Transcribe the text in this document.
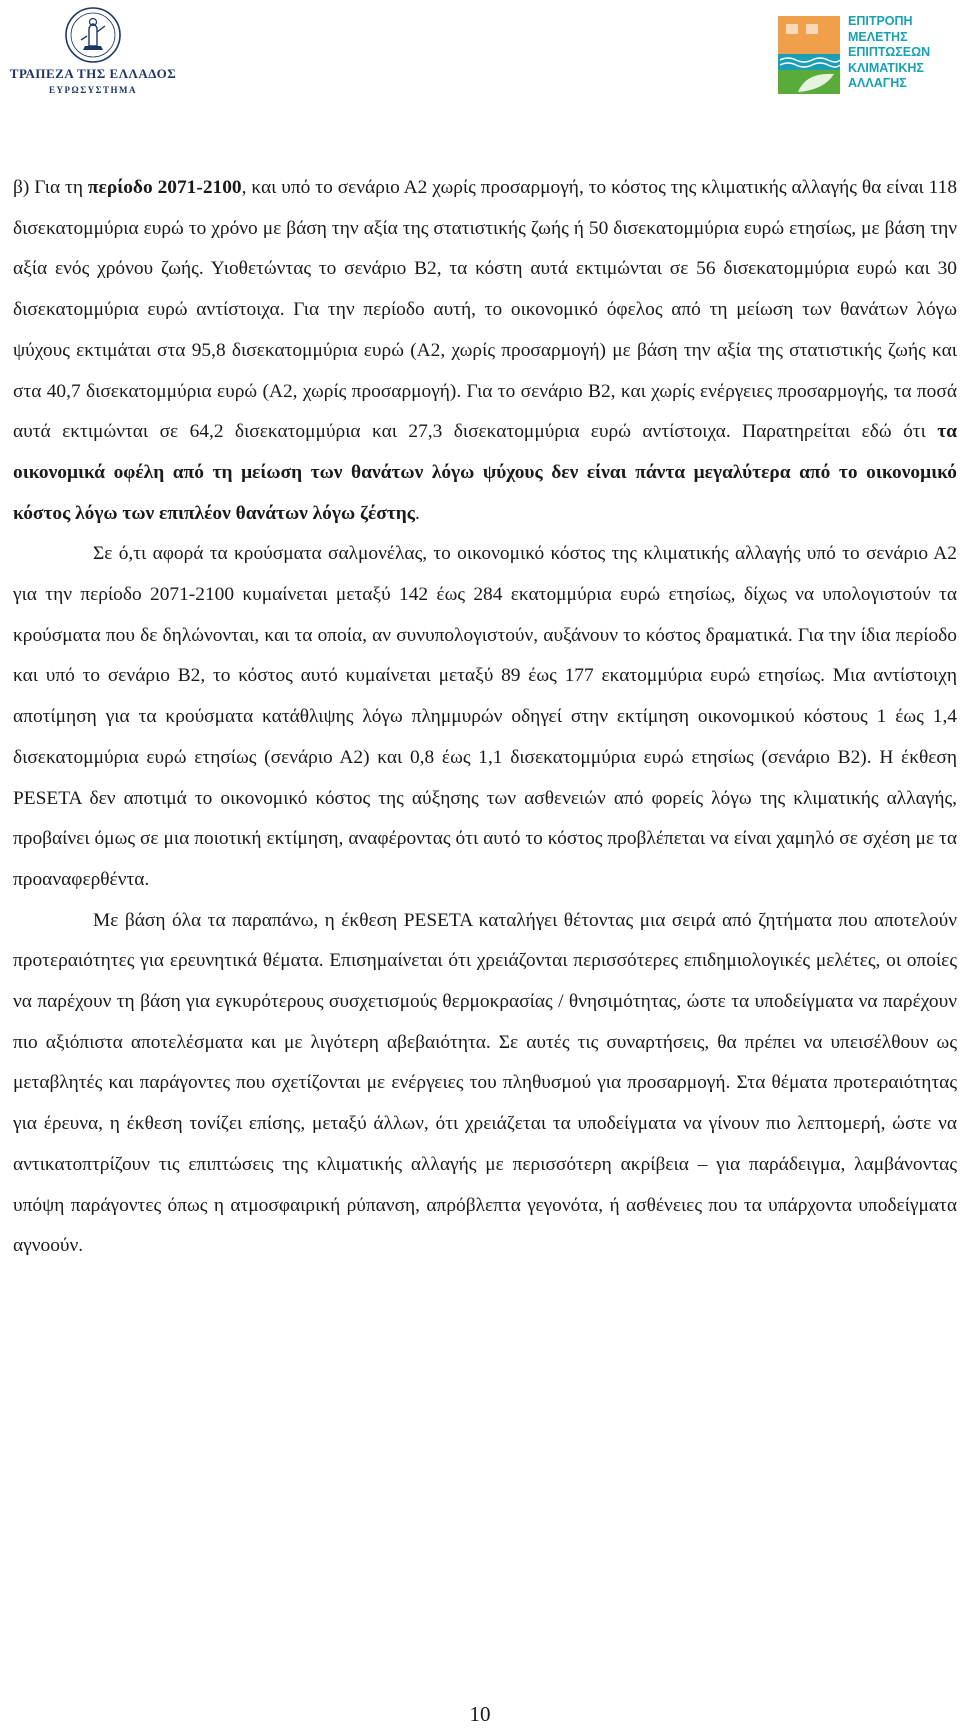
ΤΡΑΠΕΖΑ ΤΗΣ ΕΛΛΑΔΟΣ
ΕΥΡΩΣΥΣΤΗΜΑ
ΕΠΙΤΡΟΠΗ
ΜΕΛΕΤΗΣ
ΕΠΙΠΤΩΣΕΩΝ
ΚΛΙΜΑΤΙΚΗΣ
ΑΛΛΑΓΗΣ

β) Για τη περίοδο 2071-2100, και υπό το σενάριο Α2 χωρίς προσαρμογή, το κόστος της κλιματικής αλλαγής θα είναι 118 δισεκατομμύρια ευρώ το χρόνο με βάση την αξία της στατιστικής ζωής ή 50 δισεκατομμύρια ευρώ ετησίως, με βάση την αξία ενός χρόνου ζωής. Υιοθετώντας το σενάριο Β2, τα κόστη αυτά εκτιμώνται σε 56 δισεκατομμύρια ευρώ και 30 δισεκατομμύρια ευρώ αντίστοιχα. Για την περίοδο αυτή, το οικονομικό όφελος από τη μείωση των θανάτων λόγω ψύχους εκτιμάται στα 95,8 δισεκατομμύρια ευρώ (Α2, χωρίς προσαρμογή) με βάση την αξία της στατιστικής ζωής και στα 40,7 δισεκατομμύρια ευρώ (Α2, χωρίς προσαρμογή). Για το σενάριο Β2, και χωρίς ενέργειες προσαρμογής, τα ποσά αυτά εκτιμώνται σε 64,2 δισεκατομμύρια και 27,3 δισεκατομμύρια ευρώ αντίστοιχα. Παρατηρείται εδώ ότι τα οικονομικά οφέλη από τη μείωση των θανάτων λόγω ψύχους δεν είναι πάντα μεγαλύτερα από το οικονομικό κόστος λόγω των επιπλέον θανάτων λόγω ζέστης.

Σε ό,τι αφορά τα κρούσματα σαλμονέλας, το οικονομικό κόστος της κλιματικής αλλαγής υπό το σενάριο Α2 για την περίοδο 2071-2100 κυμαίνεται μεταξύ 142 έως 284 εκατομμύρια ευρώ ετησίως, δίχως να υπολογιστούν τα κρούσματα που δε δηλώνονται, και τα οποία, αν συνυπολογιστούν, αυξάνουν το κόστος δραματικά. Για την ίδια περίοδο και υπό το σενάριο Β2, το κόστος αυτό κυμαίνεται μεταξύ 89 έως 177 εκατομμύρια ευρώ ετησίως. Μια αντίστοιχη αποτίμηση για τα κρούσματα κατάθλιψης λόγω πλημμυρών οδηγεί στην εκτίμηση οικονομικού κόστους 1 έως 1,4 δισεκατομμύρια ευρώ ετησίως (σενάριο Α2) και 0,8 έως 1,1 δισεκατομμύρια ευρώ ετησίως (σενάριο Β2). Η έκθεση PESETA δεν αποτιμά το οικονομικό κόστος της αύξησης των ασθενειών από φορείς λόγω της κλιματικής αλλαγής, προβαίνει όμως σε μια ποιοτική εκτίμηση, αναφέροντας ότι αυτό το κόστος προβλέπεται να είναι χαμηλό σε σχέση με τα προαναφερθέντα.

Με βάση όλα τα παραπάνω, η έκθεση PESETA καταλήγει θέτοντας μια σειρά από ζητήματα που αποτελούν προτεραιότητες για ερευνητικά θέματα. Επισημαίνεται ότι χρειάζονται περισσότερες επιδημιολογικές μελέτες, οι οποίες να παρέχουν τη βάση για εγκυρότερους συσχετισμούς θερμοκρασίας / θνησιμότητας, ώστε τα υποδείγματα να παρέχουν πιο αξιόπιστα αποτελέσματα και με λιγότερη αβεβαιότητα. Σε αυτές τις συναρτήσεις, θα πρέπει να υπεισέλθουν ως μεταβλητές και παράγοντες που σχετίζονται με ενέργειες του πληθυσμού για προσαρμογή. Στα θέματα προτεραιότητας για έρευνα, η έκθεση τονίζει επίσης, μεταξύ άλλων, ότι χρειάζεται τα υποδείγματα να γίνουν πιο λεπτομερή, ώστε να αντικατοπτρίζουν τις επιπτώσεις της κλιματικής αλλαγής με περισσότερη ακρίβεια – για παράδειγμα, λαμβάνοντας υπόψη παράγοντες όπως η ατμοσφαιρική ρύπανση, απρόβλεπτα γεγονότα, ή ασθένειες που τα υπάρχοντα υποδείγματα αγνοούν.

10
